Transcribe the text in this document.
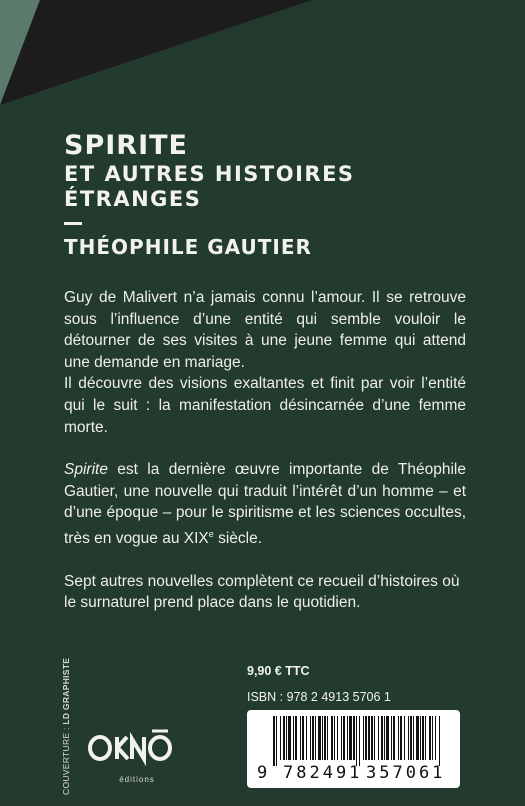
SPIRITE
ET AUTRES HISTOIRES
ÉTRANGES
THÉOPHILE GAUTIER

Guy de Malivert n’a jamais connu l’amour. Il se retrouve sous l’influence d’une entité qui semble vouloir le détourner de ses visites à une jeune femme qui attend une demande en mariage.

Il découvre des visions exaltantes et finit par voir l’entité qui le suit : la manifestation désincarnée d’une femme morte.

Spirite est la dernière œuvre importante de Théophile Gautier, une nouvelle qui traduit l’intérêt d’un homme – et d’une époque – pour le spiritisme et les sciences occultes, très en vogue au XIXe siècle.

Sept autres nouvelles complètent ce recueil d’histoires où le surnaturel prend place dans le quotidien.

COUVERTURE : LD GRAPHISTE
éditions
9,90 € TTC
ISBN : 978 2 4913 5706 1
9 782491 357061
